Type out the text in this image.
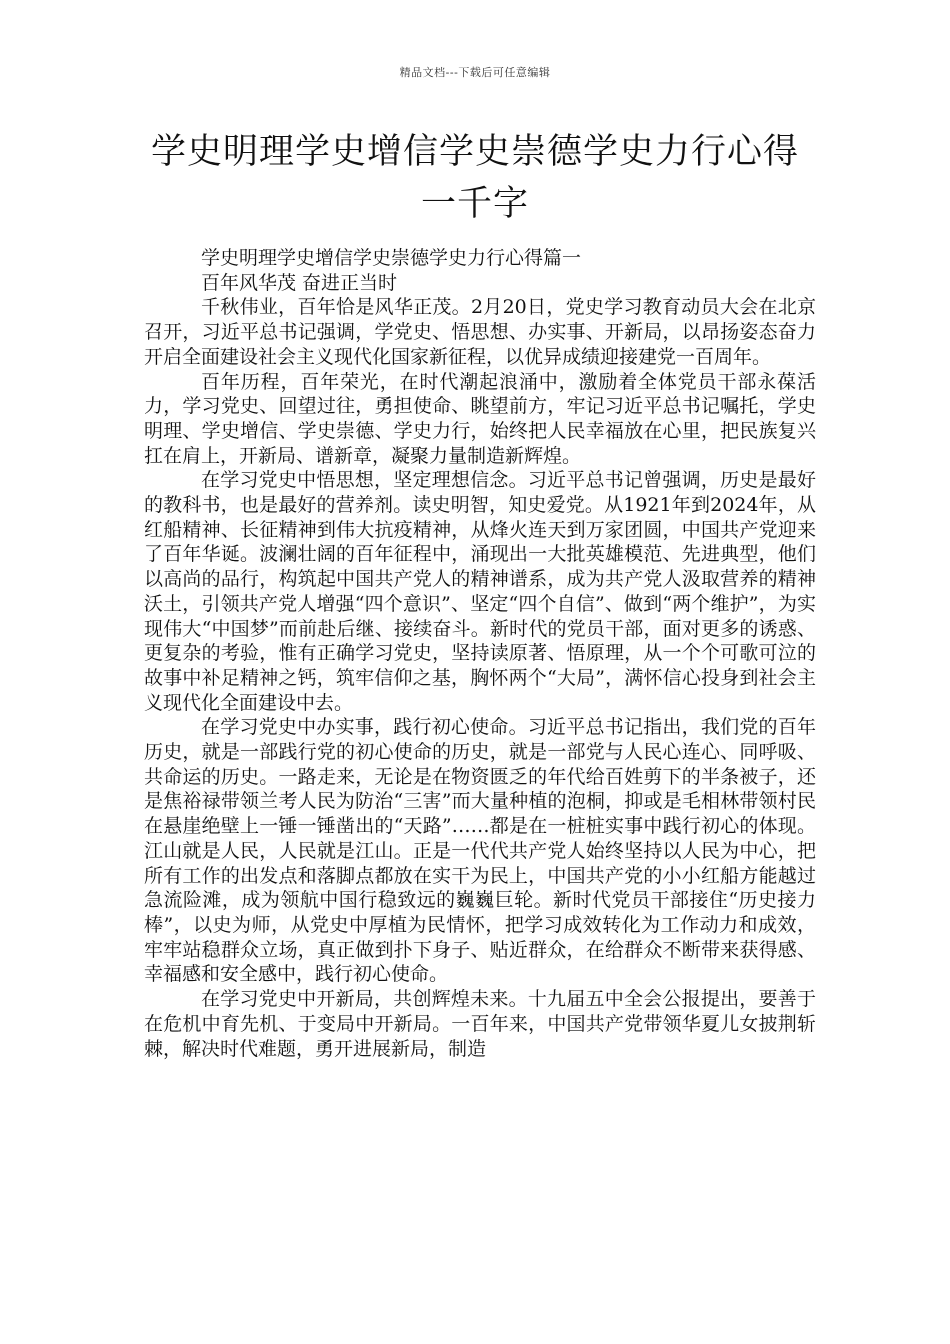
精品文档---下载后可任意编辑
学史明理学史增信学史崇德学史力行心得
一千字

学史明理学史增信学史崇德学史力行心得篇一

百年风华茂 奋进正当时

千秋伟业，百年恰是风华正茂。2月20日，党史学习教育动员大会在北京召开，习近平总书记强调，学党史、悟思想、办实事、开新局，以昂扬姿态奋力开启全面建设社会主义现代化国家新征程，以优异成绩迎接建党一百周年。

百年历程，百年荣光，在时代潮起浪涌中，激励着全体党员干部永葆活力，学习党史、回望过往，勇担使命、眺望前方，牢记习近平总书记嘱托，学史明理、学史增信、学史崇德、学史力行，始终把人民幸福放在心里，把民族复兴扛在肩上，开新局、谱新章，凝聚力量制造新辉煌。

在学习党史中悟思想，坚定理想信念。习近平总书记曾强调，历史是最好的教科书，也是最好的营养剂。读史明智，知史爱党。从1921年到2024年，从红船精神、长征精神到伟大抗疫精神，从烽火连天到万家团圆，中国共产党迎来了百年华诞。波澜壮阔的百年征程中，涌现出一大批英雄模范、先进典型，他们以高尚的品行，构筑起中国共产党人的精神谱系，成为共产党人汲取营养的精神沃土，引领共产党人增强“四个意识”、坚定“四个自信”、做到“两个维护”，为实现伟大“中国梦”而前赴后继、接续奋斗。新时代的党员干部，面对更多的诱惑、更复杂的考验，惟有正确学习党史，坚持读原著、悟原理，从一个个可歌可泣的故事中补足精神之钙，筑牢信仰之基，胸怀两个“大局”，满怀信心投身到社会主义现代化全面建设中去。

在学习党史中办实事，践行初心使命。习近平总书记指出，我们党的百年历史，就是一部践行党的初心使命的历史，就是一部党与人民心连心、同呼吸、共命运的历史。一路走来，无论是在物资匮乏的年代给百姓剪下的半条被子，还是焦裕禄带领兰考人民为防治“三害”而大量种植的泡桐，抑或是毛相林带领村民在悬崖绝壁上一锤一锤凿出的“天路”……都是在一桩桩实事中践行初心的体现。江山就是人民，人民就是江山。正是一代代共产党人始终坚持以人民为中心，把所有工作的出发点和落脚点都放在实干为民上，中国共产党的小小红船方能越过急流险滩，成为领航中国行稳致远的巍巍巨轮。新时代党员干部接住“历史接力棒”，以史为师，从党史中厚植为民情怀，把学习成效转化为工作动力和成效，牢牢站稳群众立场，真正做到扑下身子、贴近群众，在给群众不断带来获得感、幸福感和安全感中，践行初心使命。

在学习党史中开新局，共创辉煌未来。十九届五中全会公报提出，要善于在危机中育先机、于变局中开新局。一百年来，中国共产党带领华夏儿女披荆斩棘，解决时代难题，勇开进展新局，制造
